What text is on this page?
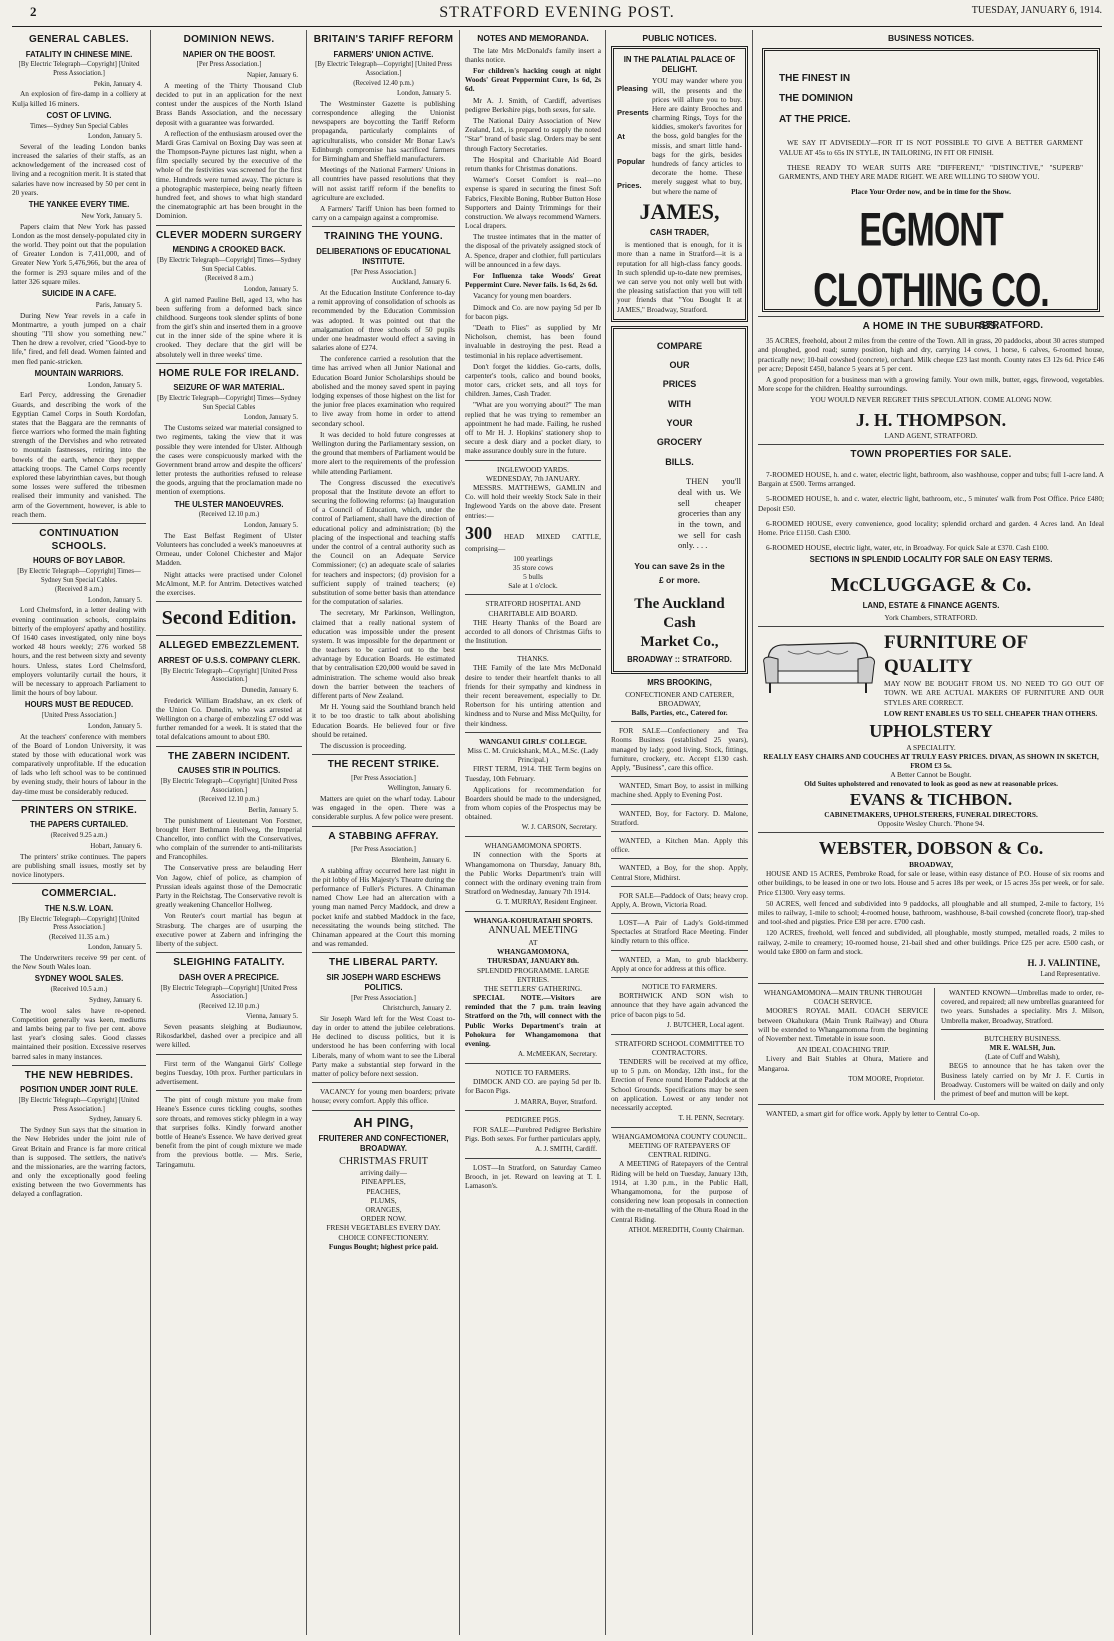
2	STRATFORD EVENING POST.	TUESDAY, JANUARY 6, 1914.
GENERAL CABLES.
FATALITY IN CHINESE MINE.
[By Electric Telegraph—Copyright] [United Press Association.]
Pekin, January 4.

An explosion of fire-damp in a colliery at Kulja killed 16 miners.

COST OF LIVING.
Times—Sydney Sun Special Cables
London, January 5.

Several of the leading London banks increased the salaries of their staffs, as an acknowledgement of the increased cost of living and a recognition merit. It is stated that salaries have now increased by 50 per cent in 20 years.

THE YANKEE EVERY TIME.
New York, January 5.

Papers claim that New York has passed London as the most densely-populated city in the world. They point out that the population of Greater London is 7,411,000, and of Greater New York 5,476,966, but the area of the former is 293 square miles and of the latter 326 square miles.

SUICIDE IN A CAFE.
Paris, January 5.

During New Year revels in a cafe in Montmartre, a youth jumped on a chair shouting "I'll show you something new." Then he drew a revolver, cried "Good-bye to life," fired, and fell dead. Women fainted and men fled panic-stricken.

MOUNTAIN WARRIORS.
London, January 5.

Earl Percy, addressing the Grenadier Guards, and describing the work of the Egyptian Camel Corps in South Kordofan, states that the Baggara are the remnants of fierce warriors who formed the main fighting strength of the Dervishes and who retreated to mountain fastnesses, retiring into the bowels of the earth, whence they pepper attacking troops. The Camel Corps recently explored these labyrinthian caves, but though some losses were suffered the tribesmen realised their immunity and vanished. The arm of the Government, however, is able to reach them.

CONTINUATION SCHOOLS.
HOURS OF BOY LABOR.
[By Electric Telegraph—Copyright] Times—Sydney Sun Special Cables.
(Received 8 a.m.)
London, January 5.

Lord Chelmsford, in a letter dealing with evening continuation schools, complains bitterly of the employers' apathy and hostility. Of 1640 cases investigated, only nine boys worked 48 hours weekly; 276 worked 58 hours, and the rest between sixty and seventy hours. Unless, states Lord Chelmsford, employers voluntarily curtail the hours, it will be necessary to approach Parliament to limit the hours of boy labour.

HOURS MUST BE REDUCED.
[United Press Association.]
London, January 5.

At the teachers' conference with members of the Board of London University, it was stated by those with educational work was comparatively unprofitable. If the education of lads who left school was to be continued by evening study, their hours of labour in the day-time must be considerably reduced.

PRINTERS ON STRIKE.
THE PAPERS CURTAILED.
(Received 9.25 a.m.)
Hobart, January 6.

The printers' strike continues. The papers are publishing small issues, mostly set by novice linotypers.

COMMERCIAL.
THE N.S.W. LOAN.
[By Electric Telegraph—Copyright] [United Press Association.]
(Received 11.35 a.m.)
London, January 5.

The Underwriters receive 99 per cent. of the New South Wales loan.

SYDNEY WOOL SALES.
(Received 10.5 a.m.)
Sydney, January 6.

The wool sales have re-opened. Competition generally was keen, mediums and lambs being par to five per cent. above last year's closing sales. Good classes maintained their position. Excessive reserves barred sales in many instances.

THE NEW HEBRIDES.
POSITION UNDER JOINT RULE.
[By Electric Telegraph—Copyright] [United Press Association.]
Sydney, January 6.

The Sydney Sun says that the situation in the New Hebrides under the joint rule of Great Britain and France is far more critical than is supposed. The settlers, the native's and the missionaries, are the warring factors, and only the exceptionally good feeling existing between the two Governments has delayed a conflagration.

DOMINION NEWS.
NAPIER ON THE BOOST.
[Per Press Association.]
Napier, January 6.

A meeting of the Thirty Thousand Club decided to put in an application for the next contest under the auspices of the North Island Brass Bands Association, and the necessary deposit with a guarantee was forwarded.

A reflection of the enthusiasm aroused over the Mardi Gras Carnival on Boxing Day was seen at the Thompson-Payne pictures last night, when a film specially secured by the executive of the whole of the festivities was screened for the first time. Hundreds were turned away. The picture is a photographic masterpiece, being nearly fifteen hundred feet, and shows to what high standard the cinematographic art has been brought in the Dominion.

CLEVER MODERN SURGERY
MENDING A CROOKED BACK.
[By Electric Telegraph—Copyright] Times—Sydney Sun Special Cables.
(Received 8 a.m.)
London, January 5.

A girl named Pauline Bell, aged 13, who has been suffering from a deformed back since childhood. Surgeons took slender splints of bone from the girl's shin and inserted them in a groove cut in the inner side of the spine where it is crooked. They declare that the girl will be absolutely well in three weeks' time.

HOME RULE FOR IRELAND.
SEIZURE OF WAR MATERIAL.
[By Electric Telegraph—Copyright] Times—Sydney Sun Special Cables
London, January 5.

The Customs seized war material consigned to two regiments, taking the view that it was possible they were intended for Ulster. Although the cases were conspicuously marked with the Government brand arrow and despite the officers' letter protests the authorities refused to release the goods, arguing that the proclamation made no mention of exemptions.

THE ULSTER MANOEUVRES.
(Received 12.10 p.m.)
London, January 5.

The East Belfast Regiment of Ulster Volunteers has concluded a week's manoeuvres at Ormeau, under Colonel Chichester and Major Madden.

Night attacks were practised under Colonel McAlmont, M.P. for Antrim. Detectives watched the exercises.

Second Edition.
ALLEGED EMBEZZLEMENT.
ARREST OF U.S.S. COMPANY CLERK.
[By Electric Telegraph—Copyright] [United Press Association.]
Dunedin, January 6.

Frederick William Bradshaw, an ex clerk of the Union Co. Dunedin, who was arrested at Wellington on a charge of embezzling £7 odd was further remanded for a week. It is stated that the total defalcations amount to about £80.

THE ZABERN INCIDENT.
CAUSES STIR IN POLITICS.
[By Electric Telegraph—Copyright] [United Press Association.]
(Received 12.10 p.m.)
Berlin, January 5.

The punishment of Lieutenant Von Forstner, brought Herr Bethmann Hollweg, the Imperial Chancellor, into conflict with the Conservatives, who complain of the surrender to anti-militarists and Francophiles.

The Conservative press are belauding Herr Von Jagow, chief of police, as champion of Prussian ideals against those of the Democratic Party in the Reichstag. The Conservative revolt is greatly weakening Chancellor Hollweg.

Von Reuter's court martial has begun at Strasburg. The charges are of usurping the executive power at Zabern and infringing the liberty of the subject.

SLEIGHING FATALITY.
DASH OVER A PRECIPICE.
[By Electric Telegraph—Copyright] [United Press Association.]
(Received 12.10 p.m.)
Vienna, January 5.

Seven peasants sleighing at Budiaunow, Rikosdarkbel, dashed over a precipice and all were killed.

First term of the Wanganui Girls' College begins Tuesday, 10th prox. Further particulars in advertisement.

The pint of cough mixture you make from Heane's Essence cures tickling coughs, soothes sore throats, and removes sticky phlegm in a way that surprises folks. Kindly forward another bottle of Heane's Essence. We have derived great benefit from the pint of cough mixture we made from the previous bottle. — Mrs. Serie, Taringamutu.

BRITAIN'S TARIFF REFORM
FARMERS' UNION ACTIVE.
[By Electric Telegraph—Copyright] [United Press Association.]
(Received 12.40 p.m.)
London, January 5.

The Westminster Gazette is publishing correspondence alleging the Unionist newspapers are boycotting the Tariff Reform propaganda, particularly complaints of agriculturalists, who consider Mr Bonar Law's Edinburgh compromise has sacrificed farmers for Birmingham and Sheffield manufacturers.

Meetings of the National Farmers' Unions in all countries have passed resolutions that they will not assist tariff reform if the benefits to agriculture are excluded.

A Farmers' Tariff Union has been formed to carry on a campaign against a compromise.

TRAINING THE YOUNG.
DELIBERATIONS OF EDUCATIONAL INSTITUTE.
[Per Press Association.]
Auckland, January 6.

At the Education Institute Conference to-day a remit approving of consolidation of schools as recommended by the Education Commission was adopted. It was pointed out that the amalgamation of three schools of 50 pupils under one headmaster would effect a saving in salaries alone of £274.

The conference carried a resolution that the time has arrived when all Junior National and Education Board Junior Scholarships should be abolished and the money saved spent in paying lodging expenses of those highest on the list for the junior free places examination who required to live away from home in order to attend secondary school.

It was decided to hold future congresses at Wellington during the Parliamentary session, on the ground that members of Parliament would be more alert to the requirements of the profession while attending Parliament.

The Congress discussed the executive's proposal that the Institute devote an effort to securing the following reforms: (a) Inauguration of a Council of Education, which, under the control of Parliament, shall have the direction of educational policy and administration; (b) the placing of the inspectional and teaching staffs under the control of a central authority such as the Council on an Adequate Service Commissioner; (c) an adequate scale of salaries for teachers and inspectors; (d) provision for a sufficient supply of trained teachers; (e) substitution of some better basis than attendance for the computation of salaries.

The secretary, Mr Parkinson, Wellington, claimed that a really national system of education was impossible under the present system. It was impossible for the department or the teachers to be carried out to the best advantage by Education Boards. He estimated that by centralisation £20,000 would be saved in administration. The scheme would also break down the barrier between the teachers of different parts of New Zealand.

Mr H. Young said the Southland branch held it to be too drastic to talk about abolishing Education Boards. He believed four or five should be retained.

The discussion is proceeding.

THE RECENT STRIKE.
[Per Press Association.]
Wellington, January 6.

Matters are quiet on the wharf today. Labour was engaged in the open. There was a considerable surplus. A few police were present.

A STABBING AFFRAY.
[Per Press Association.]
Blenheim, January 6.

A stabbing affray occurred here last night in the pit lobby of His Majesty's Theatre during the performance of Fuller's Pictures. A Chinaman named Chow Lee had an altercation with a young man named Percy Maddock, and drew a pocket knife and stabbed Maddock in the face, necessitating the wounds being stitched. The Chinaman appeared at the Court this morning and was remanded.

THE LIBERAL PARTY.
SIR JOSEPH WARD ESCHEWS POLITICS.
[Per Press Association.]
Christchurch, January 2.

Sir Joseph Ward left for the West Coast to-day in order to attend the jubilee celebrations. He declined to discuss politics, but it is understood he has been conferring with local Liberals, many of whom want to see the Liberal Party make a substantial step forward in the matter of policy before next session.

VACANCY for young men boarders; private house; every comfort. Apply this office.

AH PING,
FRUITERER AND CONFECTIONER, BROADWAY.
CHRISTMAS FRUIT
arriving daily—
PINEAPPLES,
PEACHES,
PLUMS,
ORANGES,
ORDER NOW.
FRESH VEGETABLES EVERY DAY.
CHOICE CONFECTIONERY.
Fungus Bought; highest price paid.
NOTES AND MEMORANDA.

The late Mrs McDonald's family insert a thanks notice.

For children's hacking cough at night Woods' Great Peppermint Cure, 1s 6d, 2s 6d.

Mr A. J. Smith, of Cardiff, advertises pedigree Berkshire pigs, both sexes, for sale.

The National Dairy Association of New Zealand, Ltd., is prepared to supply the noted "Star" brand of basic slag. Orders may be sent through Factory Secretaries.

The Hospital and Charitable Aid Board return thanks for Christmas donations.

Warner's Corset Comfort is real—no expense is spared in securing the finest Soft Fabrics, Flexible Boning, Rubber Button Hose Supporters and Dainty Trimmings for their construction. We always recommend Warners. Local drapers.

The trustee intimates that in the matter of the disposal of the privately assigned stock of A. Spence, draper and clothier, full particulars will be announced in a few days.

For Influenza take Woods' Great Peppermint Cure. Never fails. 1s 6d, 2s 6d.

Vacancy for young men boarders.

Dimock and Co. are now paying 5d per lb for bacon pigs.

"Death to Flies" as supplied by Mr Nicholson, chemist, has been found invaluable in destroying the pest. Read a testimonial in his replace advertisement.

Don't forget the kiddies. Go-carts, dolls, carpenter's tools, calico and bound books, motor cars, cricket sets, and all toys for children. James, Cash Trader.

"What are you worrying about?" The man replied that he was trying to remember an appointment he had made. Failing, he rushed off to Mr H. J. Hopkins' stationery shop to secure a desk diary and a pocket diary, to make assurance doubly sure in the future.

INGLEWOOD YARDS.
WEDNESDAY, 7th JANUARY.

MESSRS. MATTHEWS, GAMLIN and Co. will hold their weekly Stock Sale in their Inglewood Yards on the above date. Present entries:—

300 HEAD MIXED CATTLE, comprising—
100 yearlings
35 store cows
5 bulls
Sale at 1 o'clock.
STRATFORD HOSPITAL AND CHARITABLE AID BOARD.

THE Hearty Thanks of the Board are accorded to all donors of Christmas Gifts to the Institution.

THANKS.

THE Family of the late Mrs McDonald desire to tender their heartfelt thanks to all friends for their sympathy and kindness in their recent bereavement, especially to Dr. Robertson for his untiring attention and kindness and to Nurse and Miss McQuilty, for their kindness.

WANGANUI GIRLS' COLLEGE.
Miss C. M. Cruickshank, M.A., M.Sc. (Lady Principal.)

FIRST TERM, 1914. THE Term begins on Tuesday, 10th February.

Applications for recommendation for Boarders should be made to the undersigned, from whom copies of the Prospectus may be obtained.

W. J. CARSON, Secretary.
WHANGAMOMONA SPORTS.

IN connection with the Sports at Whangamomona on Thursday, January 8th, the Public Works Department's train will connect with the ordinary evening train from Stratford on Wednesday, January 7th 1914.

G. T. MURRAY, Resident Engineer.
WHANGA-KOHURATAHI SPORTS.
ANNUAL MEETING
AT
WHANGAMOMONA,
THURSDAY, JANUARY 8th.
SPLENDID PROGRAMME. LARGE ENTRIES.
THE SETTLERS' GATHERING.

SPECIAL NOTE.—Visitors are reminded that the 7 p.m. train leaving Stratford on the 7th, will connect with the Public Works Department's train at Pohokura for Whangamomona that evening.

A. McMEEKAN, Secretary.
NOTICE TO FARMERS.

DIMOCK AND CO. are paying 5d per lb. for Bacon Pigs.

J. MARRA, Buyer, Stratford.
PEDIGREE PIGS.

FOR SALE—Purebred Pedigree Berkshire Pigs. Both sexes. For further particulars apply,

A. J. SMITH, Cardiff.

LOST—In Stratford, on Saturday Cameo Brooch, in jet. Reward on leaving at T. I. Lamason's.

PUBLIC NOTICES.
IN THE PALATIAL PALACE OF DELIGHT.
Pleasing
Presents
At
Popular
Prices.

YOU may wander where you will, the presents and the prices will allure you to buy. Here are dainty Brooches and charming Rings, Toys for the kiddies, smoker's favorites for the boss, gold bangles for the missis, and smart little hand-bags for the girls, besides hundreds of fancy articles to decorate the home. These merely suggest what to buy, but where the name of

JAMES,
CASH TRADER,

is mentioned that is enough, for it is more than a name in Stratford—it is a reputation for all high-class fancy goods. In such splendid up-to-date new premises, we can serve you not only well but with the pleasing satisfaction that you will tell your friends that "You Bought It at JAMES," Broadway, Stratford.

COMPARE
OUR
PRICES
WITH
YOUR
GROCERY
BILLS.

THEN you'll deal with us. We sell cheaper groceries than any in the town, and we sell for cash only. . . .

You can save 2s in the
£ or more.
The Auckland Cash
Market Co.,
BROADWAY :: STRATFORD.
MRS BROOKING,
CONFECTIONER AND CATERER, BROADWAY,
Balls, Parties, etc., Catered for.

FOR SALE—Confectionery and Tea Rooms Business (established 25 years), managed by lady; good living. Stock, fittings, furniture, crockery, etc. Accept £130 cash. Apply, "Business", care this office.

WANTED, Smart Boy, to assist in milking machine shed. Apply to Evening Post.

WANTED, Boy, for Factory. D. Malone, Stratford.

WANTED, a Kitchen Man. Apply this office.

WANTED, a Boy, for the shop. Apply, Central Store, Midhirst.

FOR SALE—Paddock of Oats; heavy crop. Apply, A. Brown, Victoria Road.

LOST—A Pair of Lady's Gold-rimmed Spectacles at Stratford Race Meeting. Finder kindly return to this office.

WANTED, a Man, to grub blackberry. Apply at once for address at this office.

NOTICE TO FARMERS.

BORTHWICK AND SON wish to announce that they have again advanced the price of bacon pigs to 5d.

J. BUTCHER, Local agent.
STRATFORD SCHOOL COMMITTEE TO CONTRACTORS.

TENDERS will be received at my office, up to 5 p.m. on Monday, 12th inst., for the Erection of Fence round Home Paddock at the School Grounds. Specifications may be seen on application. Lowest or any tender not necessarily accepted.

T. H. PENN, Secretary.
WHANGAMOMONA COUNTY COUNCIL.
MEETING OF RATEPAYERS OF CENTRAL RIDING.

A MEETING of Ratepayers of the Central Riding will be held on Tuesday, January 13th, 1914, at 1.30 p.m., in the Public Hall, Whangamomona, for the purpose of considering new loan proposals in connection with the re-metalling of the Ohura Road in the Central Riding.

ATHOL MEREDITH, County Chairman.
BUSINESS NOTICES.
THE FINEST IN
THE DOMINION
AT THE PRICE.

WE SAY IT ADVISEDLY—FOR IT IS NOT POSSIBLE TO GIVE A BETTER GARMENT VALUE AT 45s to 65s IN STYLE, IN TAILORING, IN FIT OR FINISH.

THESE READY TO WEAR SUITS ARE "DIFFERENT," "DISTINCTIVE," "SUPERB" GARMENTS, AND THEY ARE MADE RIGHT. WE ARE WILLING TO SHOW YOU.

Place Your Order now, and be in time for the Show.
EGMONT CLOTHING CO.
STRATFORD.
A HOME IN THE SUBURBS.

35 ACRES, freehold, about 2 miles from the centre of the Town. All in grass, 20 paddocks, about 30 acres stumped and ploughed, good road; sunny position, high and dry, carrying 14 cows, 1 horse, 6 calves, 6-roomed house, practically new; 10-bail cowshed (concrete), orchard. Milk cheque £23 last month. County rates £3 12s 6d. Price £46 per acre; Deposit £450, balance 5 years at 5 per cent.

A good proposition for a business man with a growing family. Your own milk, butter, eggs, firewood, vegetables. More scope for the children. Healthy surroundings.

YOU WOULD NEVER REGRET THIS SPECULATION. COME ALONG NOW.
J. H. THOMPSON.
LAND AGENT, STRATFORD.
TOWN PROPERTIES FOR SALE.

7-ROOMED HOUSE, h. and c. water, electric light, bathroom, also washhouse, copper and tubs; full 1-acre land. A Bargain at £500. Terms arranged.

5-ROOMED HOUSE, h. and c. water, electric light, bathroom, etc., 5 minutes' walk from Post Office. Price £480; Deposit £50.

6-ROOMED HOUSE, every convenience, good locality; splendid orchard and garden. 4 Acres land. An Ideal Home. Price £1150. Cash £300.

6-ROOMED HOUSE, electric light, water, etc, in Broadway. For quick Sale at £370. Cash £100.

SECTIONS IN SPLENDID LOCALITY FOR SALE ON EASY TERMS.
McCLUGGAGE & Co.
LAND, ESTATE & FINANCE AGENTS.
York Chambers, STRATFORD.
FURNITURE OF QUALITY

MAY NOW BE BOUGHT FROM US. NO NEED TO GO OUT OF TOWN. WE ARE ACTUAL MAKERS OF FURNITURE AND OUR STYLES ARE CORRECT.

LOW RENT ENABLES US TO SELL CHEAPER THAN OTHERS.

UPHOLSTERY
A SPECIALITY.
REALLY EASY CHAIRS AND COUCHES AT TRULY EASY PRICES. DIVAN, AS SHOWN IN SKETCH, FROM £3 5s.
A Better Cannot be Bought.
Old Suites upholstered and renovated to look as good as new at reasonable prices.
EVANS & TICHBON.
CABINETMAKERS, UPHOLSTERERS, FUNERAL DIRECTORS.
Opposite Wesley Church. 'Phone 94.
WEBSTER, DOBSON & Co.
BROADWAY,

HOUSE AND 15 ACRES, Pembroke Road, for sale or lease, within easy distance of P.O. House of six rooms and other buildings, to be leased in one or two lots. House and 5 acres 18s per week, or 15 acres 35s per week, or for sale. Price £1300. Very easy terms.

50 ACRES, well fenced and subdivided into 9 paddocks, all ploughable and all stumped, 2-mile to factory, 1½ miles to railway, 1-mile to school; 4-roomed house, bathroom, washhouse, 8-bail cowshed (concrete floor), trap-shed and tool-shed and pigsties. Price £38 per acre. £700 cash.

120 ACRES, freehold, well fenced and subdivided, all ploughable, mostly stumped, metalled roads, 2 miles to railway, 2-mile to creamery; 10-roomed house, 21-bail shed and other buildings. Price £25 per acre. £500 cash, or would take £800 on farm and stock.

H. J. VALINTINE,
Land Representative.
WHANGAMOMONA—MAIN TRUNK THROUGH COACH SERVICE.

MOORE'S ROYAL MAIL COACH SERVICE between Okahukura (Main Trunk Railway) and Ohura will be extended to Whangamomona from the beginning of November next. Timetable in issue soon.

AN IDEAL COACHING TRIP.

Livery and Bait Stables at Ohura, Matiere and Mangaroa.

TOM MOORE, Proprietor.

WANTED KNOWN—Umbrellas made to order, re-covered, and repaired; all new umbrellas guaranteed for two years. Sunshades a speciality. Mrs J. Milson, Umbrella maker, Broadway, Stratford.

BUTCHERY BUSINESS.
MR E. WALSH, Jun.
(Late of Cuff and Walsh),

BEGS to announce that he has taken over the Business lately carried on by Mr J. F. Curtis in Broadway. Customers will be waited on daily and only the primest of beef and mutton will be kept.

WANTED, a smart girl for office work. Apply by letter to Central Co-op.
